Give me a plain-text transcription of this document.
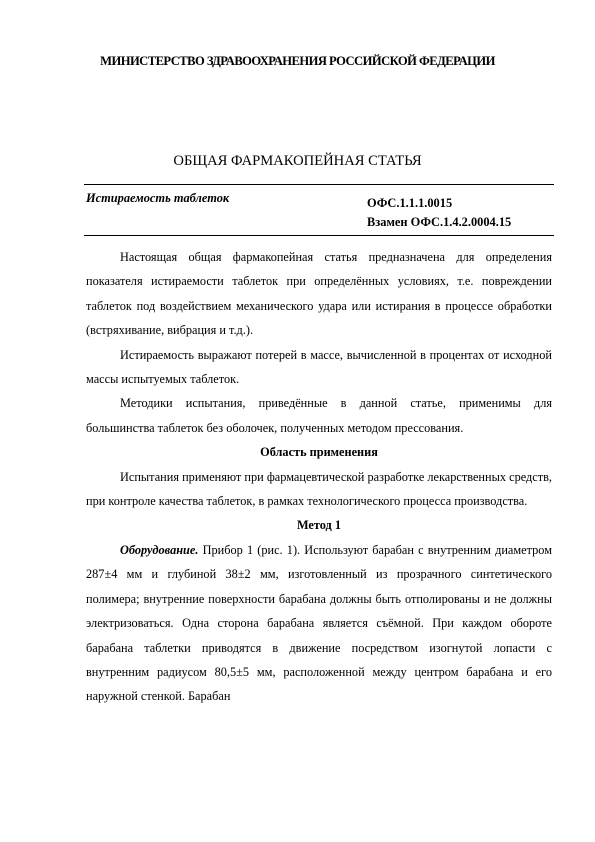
МИНИСТЕРСТВО ЗДРАВООХРАНЕНИЯ РОССИЙСКОЙ ФЕДЕРАЦИИ
ОБЩАЯ ФАРМАКОПЕЙНАЯ СТАТЬЯ
Истираемость таблеток	ОФС.1.1.1.0015
Взамен ОФС.1.4.2.0004.15

Настоящая общая фармакопейная статья предназначена для определения показателя истираемости таблеток при определённых условиях, т.е. повреждении таблеток под воздействием механического удара или истирания в процессе обработки (встряхивание, вибрация и т.д.).

Истираемость выражают потерей в массе, вычисленной в процентах от исходной массы испытуемых таблеток.

Методики испытания, приведённые в данной статье, применимы для большинства таблеток без оболочек, полученных методом прессования.

Область применения

Испытания применяют при фармацевтической разработке лекарственных средств, при контроле качества таблеток, в рамках технологического процесса производства.

Метод 1

Оборудование. Прибор 1 (рис. 1). Используют барабан с внутренним диаметром 287±4 мм и глубиной 38±2 мм, изготовленный из прозрачного синтетического полимера; внутренние поверхности барабана должны быть отполированы и не должны электризоваться. Одна сторона барабана является съёмной. При каждом обороте барабана таблетки приводятся в движение посредством изогнутой лопасти с внутренним радиусом 80,5±5 мм, расположенной между центром барабана и его наружной стенкой. Барабан
